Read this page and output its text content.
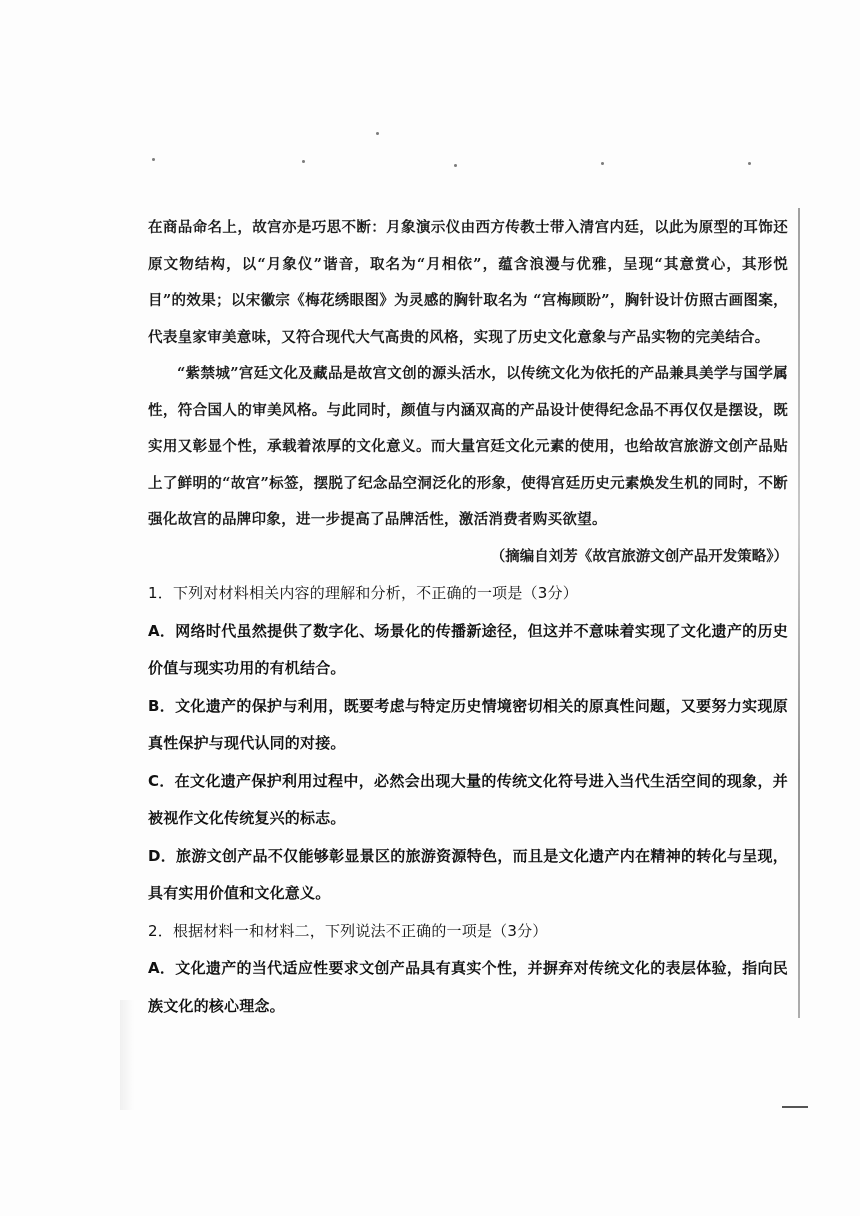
在商品命名上，故宫亦是巧思不断：月象演示仪由西方传教士带入清宫内廷，以此为原型的耳饰还原文物结构，以“月象仪”谐音，取名为“月相依”，蕴含浪漫与优雅，呈现“其意赏心，其形悦目”的效果；以宋徽宗《梅花绣眼图》为灵感的胸针取名为 “宫梅顾盼”，胸针设计仿照古画图案，代表皇家审美意味，又符合现代大气高贵的风格，实现了历史文化意象与产品实物的完美结合。

“紫禁城”宫廷文化及藏品是故宫文创的源头活水，以传统文化为依托的产品兼具美学与国学属性，符合国人的审美风格。与此同时，颜值与内涵双高的产品设计使得纪念品不再仅仅是摆设，既实用又彰显个性，承载着浓厚的文化意义。而大量宫廷文化元素的使用，也给故宫旅游文创产品贴上了鲜明的“故宫”标签，摆脱了纪念品空洞泛化的形象，使得宫廷历史元素焕发生机的同时，不断强化故宫的品牌印象，进一步提高了品牌活性，激活消费者购买欲望。

（摘编自刘芳《故宫旅游文创产品开发策略》）

1．下列对材料相关内容的理解和分析，不正确的一项是（3分）

A．网络时代虽然提供了数字化、场景化的传播新途径，但这并不意味着实现了文化遗产的历史价值与现实功用的有机结合。

B．文化遗产的保护与利用，既要考虑与特定历史情境密切相关的原真性问题，又要努力实现原真性保护与现代认同的对接。

C．在文化遗产保护利用过程中，必然会出现大量的传统文化符号进入当代生活空间的现象，并被视作文化传统复兴的标志。

D．旅游文创产品不仅能够彰显景区的旅游资源特色，而且是文化遗产内在精神的转化与呈现，具有实用价值和文化意义。

2．根据材料一和材料二，下列说法不正确的一项是（3分）

A．文化遗产的当代适应性要求文创产品具有真实个性，并摒弃对传统文化的表层体验，指向民族文化的核心理念。
